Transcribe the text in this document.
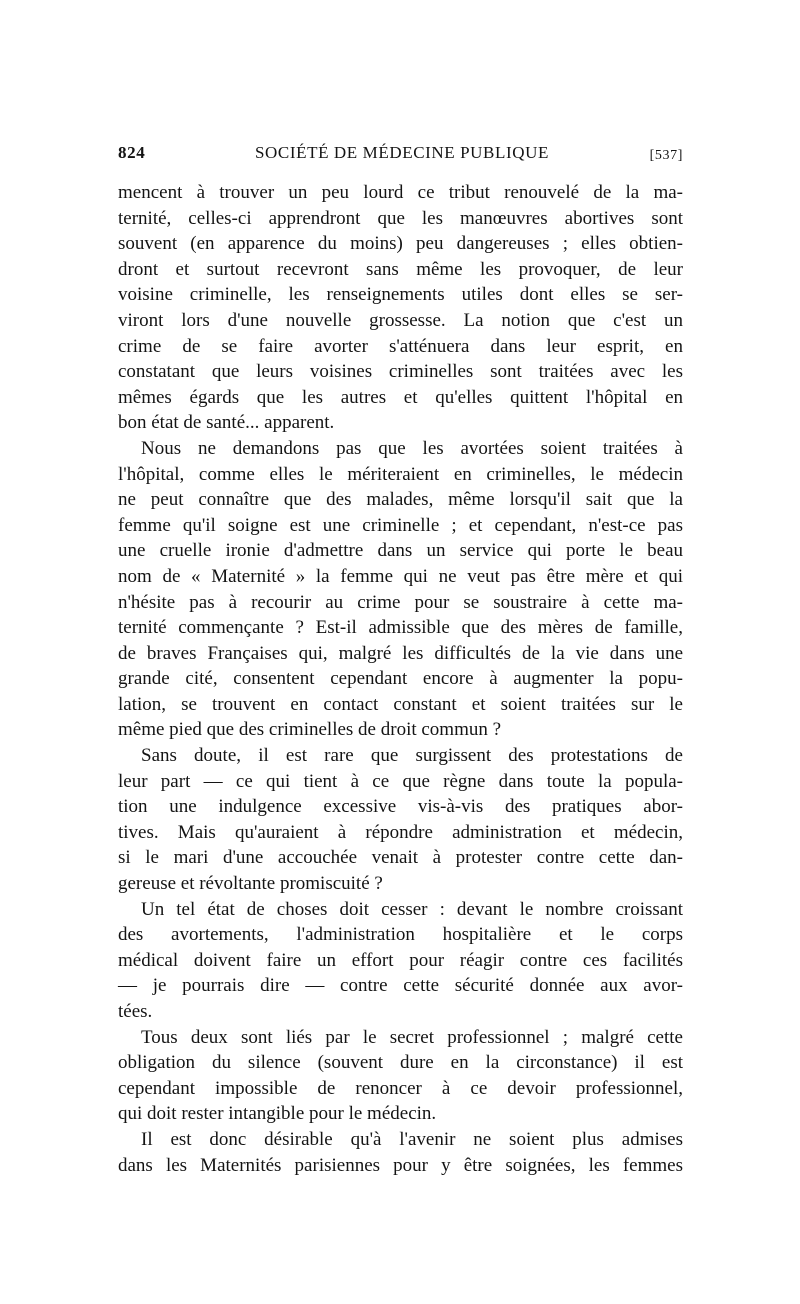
824	SOCIÉTÉ DE MÉDECINE PUBLIQUE	[537]
mencent à trouver un peu lourd ce tribut renouvelé de la ma-
ternité, celles-ci apprendront que les manœuvres abortives sont
souvent (en apparence du moins) peu dangereuses ; elles obtien-
dront et surtout recevront sans même les provoquer, de leur
voisine criminelle, les renseignements utiles dont elles se ser-
viront lors d'une nouvelle grossesse. La notion que c'est un
crime de se faire avorter s'atténuera dans leur esprit, en
constatant que leurs voisines criminelles sont traitées avec les
mêmes égards que les autres et qu'elles quittent l'hôpital en
bon état de santé... apparent.
Nous ne demandons pas que les avortées soient traitées à
l'hôpital, comme elles le mériteraient en criminelles, le médecin
ne peut connaître que des malades, même lorsqu'il sait que la
femme qu'il soigne est une criminelle ; et cependant, n'est-ce pas
une cruelle ironie d'admettre dans un service qui porte le beau
nom de « Maternité » la femme qui ne veut pas être mère et qui
n'hésite pas à recourir au crime pour se soustraire à cette ma-
ternité commençante ? Est-il admissible que des mères de famille,
de braves Françaises qui, malgré les difficultés de la vie dans une
grande cité, consentent cependant encore à augmenter la popu-
lation, se trouvent en contact constant et soient traitées sur le
même pied que des criminelles de droit commun ?
Sans doute, il est rare que surgissent des protestations de
leur part — ce qui tient à ce que règne dans toute la popula-
tion une indulgence excessive vis-à-vis des pratiques abor-
tives. Mais qu'auraient à répondre administration et médecin,
si le mari d'une accouchée venait à protester contre cette dan-
gereuse et révoltante promiscuité ?
Un tel état de choses doit cesser : devant le nombre croissant
des avortements, l'administration hospitalière et le corps
médical doivent faire un effort pour réagir contre ces facilités
— je pourrais dire — contre cette sécurité donnée aux avor-
tées.
Tous deux sont liés par le secret professionnel ; malgré cette
obligation du silence (souvent dure en la circonstance) il est
cependant impossible de renoncer à ce devoir professionnel,
qui doit rester intangible pour le médecin.
Il est donc désirable qu'à l'avenir ne soient plus admises
dans les Maternités parisiennes pour y être soignées, les femmes
